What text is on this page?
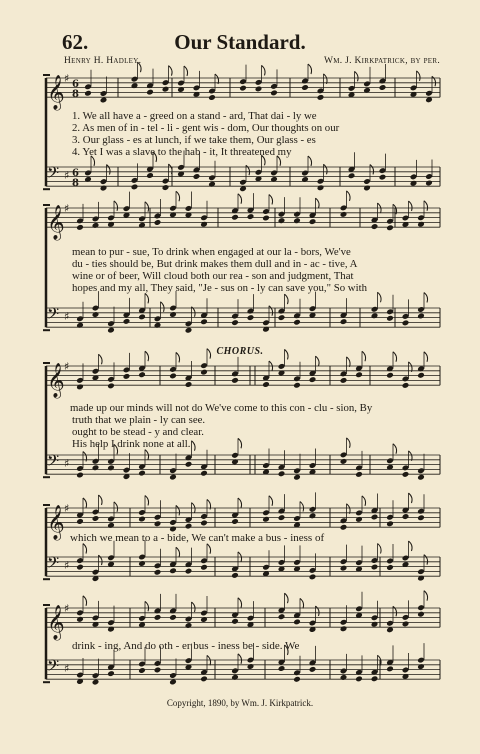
62.	Our Standard.
Henry H. Hadley.	Wm. J. Kirkpatrick, by per.
𝄞 ♯ 6
8
𝄢 ♯ 6
8
𝄞 ♯
𝄢 ♯
𝄞 ♯
𝄢 ♯
𝄞 ♯
𝄢 ♯
𝄞 ♯
𝄢 ♯
1. We all have a - greed on a stand - ard, That dai - ly we
2. As men of in - tel - li - gent wis - dom, Our thoughts on our
3. Our glass - es at lunch, if we take them, Our glass - es
4. Yet I was a slave to the hab - it, It threatened my
mean to pur - sue, To drink when engaged at our la - bors, We've
du - ties should be, But drink makes them dull and in - ac - tive, A
wine or of beer, Will cloud both our rea - son and judgment, That
hopes and my all, They said, "Je - sus on - ly can save you," So with
CHORUS.
made up our minds will not do We've come to this con - clu - sion, By
truth that we plain - ly can see.
ought to be stead - y and clear.
His help I drink none at all.
which we mean to a - bide, We can't make a bus - iness of
drink - ing, And do oth - er bus - iness be - side. We
Copyright, 1890, by Wm. J. Kirkpatrick.
